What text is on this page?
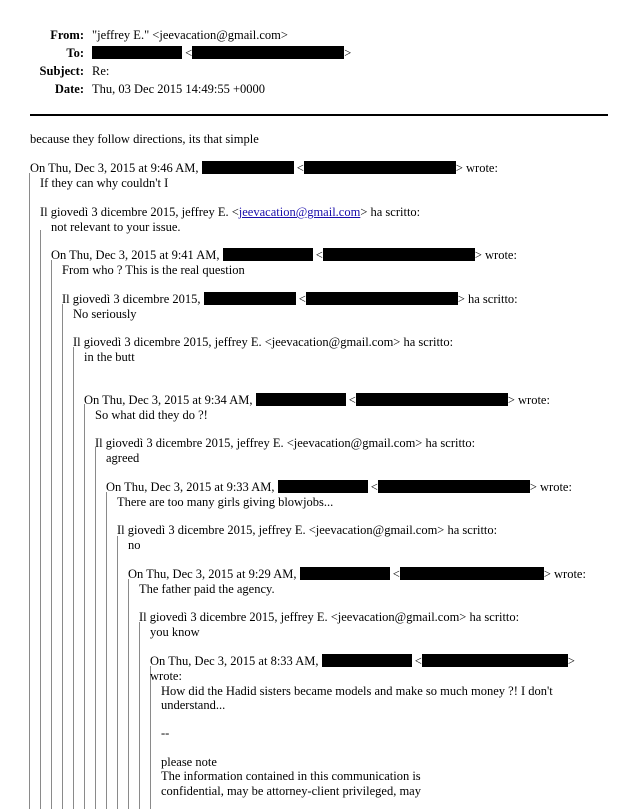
From: "jeffrey E." <jeevacation@gmail.com>
To:	<	>
Subject: Re:
Date: Thu, 03 Dec 2015 14:49:55 +0000
because they follow directions, its that simple
On Thu, Dec 3, 2015 at 9:46 AM,	<	> wrote:
If they can why couldn't I
Il giovedì 3 dicembre 2015, jeffrey E. <jeevacation@gmail.com> ha scritto:
not relevant to your issue.
On Thu, Dec 3, 2015 at 9:41 AM,	<	> wrote:
From who ? This is the real question
Il giovedì 3 dicembre 2015,	<	> ha scritto:
No seriously
Il giovedì 3 dicembre 2015, jeffrey E. <jeevacation@gmail.com> ha scritto:
in the butt
On Thu, Dec 3, 2015 at 9:34 AM,	<	> wrote:
So what did they do ?!
Il giovedì 3 dicembre 2015, jeffrey E. <jeevacation@gmail.com> ha scritto:
agreed
On Thu, Dec 3, 2015 at 9:33 AM,	<	> wrote:
There are too many girls giving blowjobs...
Il giovedì 3 dicembre 2015, jeffrey E. <jeevacation@gmail.com> ha scritto:
no
On Thu, Dec 3, 2015 at 9:29 AM,	<	> wrote:
The father paid the agency.
Il giovedì 3 dicembre 2015, jeffrey E. <jeevacation@gmail.com> ha scritto:
you know
On Thu, Dec 3, 2015 at 8:33 AM,	<	>
wrote:
How did the Hadid sisters became models and make so much money ?! I don't
understand...
--
please note
The information contained in this communication is
confidential, may be attorney-client privileged, may
